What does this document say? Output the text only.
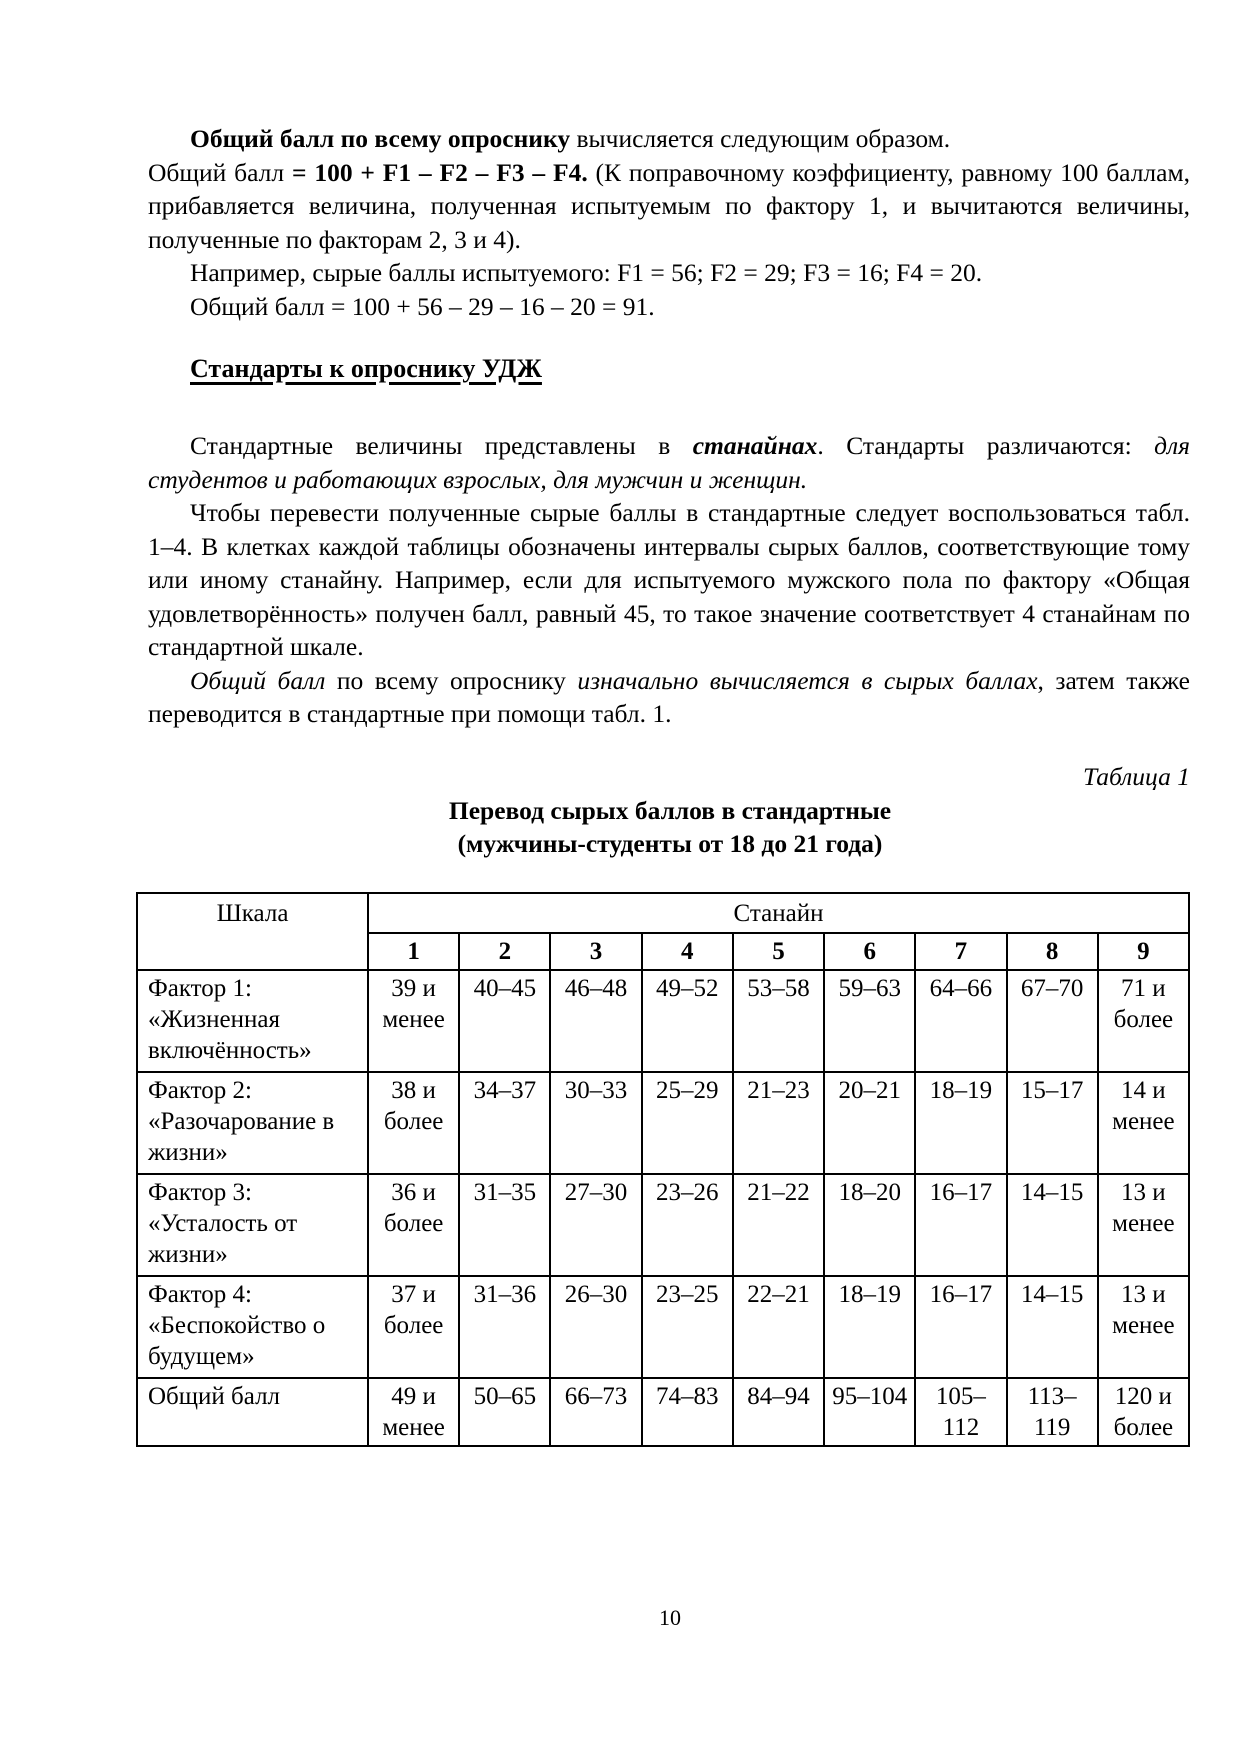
Общий балл по всему опроснику вычисляется следующим образом.

Общий балл = 100 + F1 – F2 – F3 – F4. (К поправочному коэффициенту, равному 100 баллам, прибавляется величина, полученная испытуемым по фактору 1, и вычитаются величины, полученные по факторам 2, 3 и 4).

Например, сырые баллы испытуемого: F1 = 56; F2 = 29; F3 = 16; F4 = 20.

Общий балл = 100 + 56 – 29 – 16 – 20 = 91.

Стандарты к опроснику УДЖ

Стандартные величины представлены в станайнах. Стандарты различаются: для студентов и работающих взрослых, для мужчин и женщин.

Чтобы перевести полученные сырые баллы в стандартные следует воспользоваться табл. 1–4. В клетках каждой таблицы обозначены интервалы сырых баллов, соответствующие тому или иному станайну. Например, если для испытуемого мужского пола по фактору «Общая удовлетворённость» получен балл, равный 45, то такое значение соответствует 4 станайнам по стандартной шкале.

Общий балл по всему опроснику изначально вычисляется в сырых баллах, затем также переводится в стандартные при помощи табл. 1.

Таблица 1

Перевод сырых баллов в стандартные
(мужчины-студенты от 18 до 21 года)
Шкала	Станайн								
	1	2	3	4	5	6	7	8	9
Фактор 1: «Жизненная включённость»	39 и менее	40–45	46–48	49–52	53–58	59–63	64–66	67–70	71 и более
Фактор 2: «Разочарование в жизни»	38 и более	34–37	30–33	25–29	21–23	20–21	18–19	15–17	14 и менее
Фактор 3: «Усталость от жизни»	36 и более	31–35	27–30	23–26	21–22	18–20	16–17	14–15	13 и менее
Фактор 4: «Беспокойство о будущем»	37 и более	31–36	26–30	23–25	22–21	18–19	16–17	14–15	13 и менее
Общий балл	49 и менее	50–65	66–73	74–83	84–94	95–104	105–112	113–119	120 и более

10
